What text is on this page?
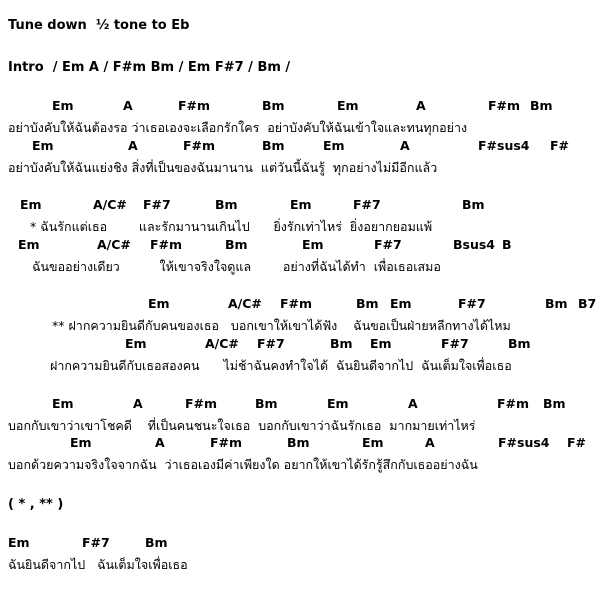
Tune down  ½ tone to Eb
Intro  / Em A / F#m Bm / Em F#7 / Bm /
Em	A	F#m	Bm	Em	A	F#m Bm
อย่าบังคับให้ฉันต้องรอ ว่าเธอเองจะเลือกรักใคร  อย่าบังคับให้ฉันเข้าใจและทนทุกอย่าง
Em	A	F#m	Bm	Em	A	F#sus4 F#
อย่าบังคับให้ฉันแย่งชิง สิ่งที่เป็นของฉันมานาน  แต่วันนี้ฉันรู้  ทุกอย่างไม่มีอีกแล้ว
Em	A/C# F#7	Bm	Em	F#7	Bm
* ฉันรักแต่เธอ        และรักมานานเกินไป      ยิ่งรักเท่าไหร่  ยิ่งอยากยอมแพ้
Em	A/C# F#m	Bm	Em	F#7	Bsus4 B
ฉันขออย่างเดียว          ให้เขาจริงใจดูแล        อย่างที่ฉันได้ทำ  เพื่อเธอเสมอ
Em	A/C# F#m	Bm Em	F#7	Bm B7
** ฝากความยินดีกับคนของเธอ   บอกเขาให้เขาได้ฟัง    ฉันขอเป็นฝ่ายหลีกทางได้ไหม
Em	A/C# F#7	Bm Em	F#7	Bm
ฝากความยินดีกับเธอสองคน      ไม่ช้าฉันคงทำใจได้  ฉันยินดีจากไป  ฉันเต็มใจเพื่อเธอ
Em	A	F#m	Bm	Em	A	F#m Bm
บอกกับเขาว่าเขาโชคดี    ที่เป็นคนชนะใจเธอ  บอกกับเขาว่าฉันรักเธอ  มากมายเท่าไหร่
Em	A	F#m	Bm	Em	A	F#sus4 F#
บอกด้วยความจริงใจจากฉัน  ว่าเธอเองมีค่าเพียงใด อยากให้เขาได้รักรู้สึกกับเธออย่างฉัน
( * , ** )
Em	F#7	Bm
ฉันยินดีจากไป   ฉันเต็มใจเพื่อเธอ
